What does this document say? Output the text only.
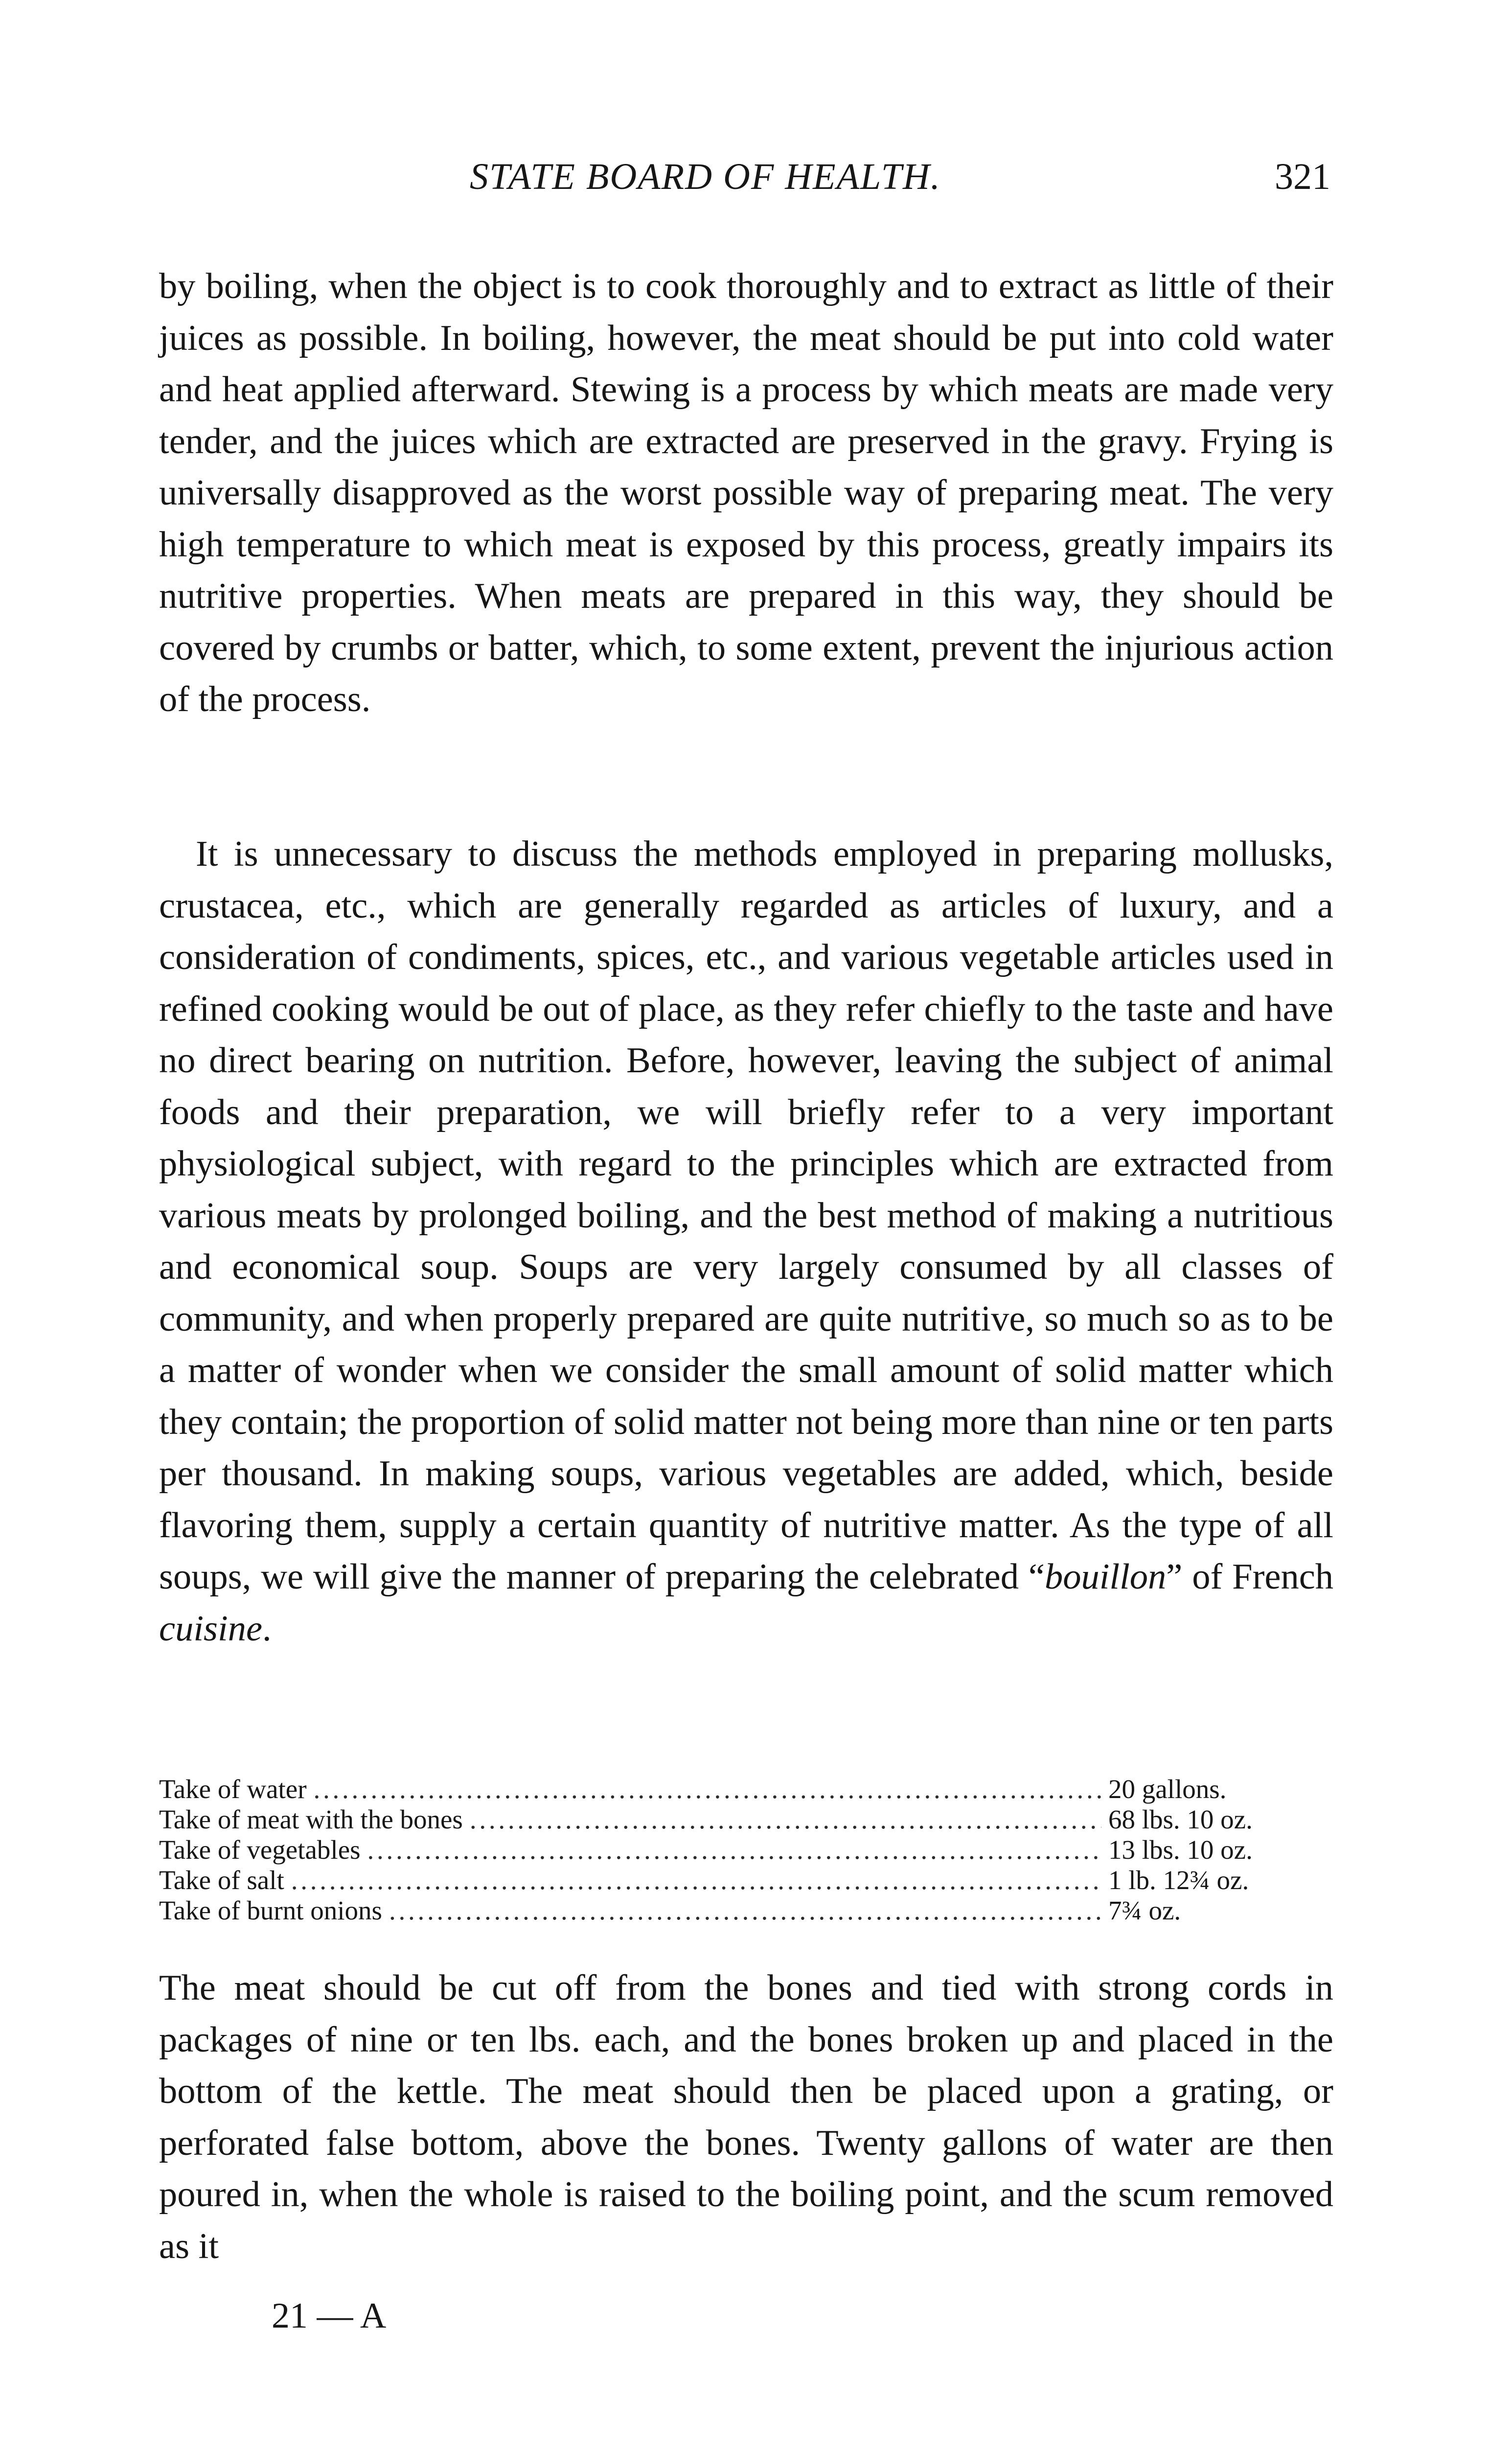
STATE BOARD OF HEALTH.	321

by boiling, when the object is to cook thoroughly and to extract as little of their juices as possible. In boiling, however, the meat should be put into cold water and heat applied afterward. Stewing is a process by which meats are made very tender, and the juices which are extracted are preserved in the gravy. Frying is universally disapproved as the worst possible way of preparing meat. The very high temperature to which meat is exposed by this process, greatly impairs its nutritive properties. When meats are prepared in this way, they should be covered by crumbs or batter, which, to some extent, prevent the injurious action of the process.

It is unnecessary to discuss the methods employed in preparing mollusks, crustacea, etc., which are generally regarded as articles of luxury, and a consideration of condiments, spices, etc., and various vegetable articles used in refined cooking would be out of place, as they refer chiefly to the taste and have no direct bearing on nutrition. Before, however, leaving the subject of animal foods and their preparation, we will briefly refer to a very important physiological subject, with regard to the principles which are extracted from various meats by prolonged boiling, and the best method of making a nutritious and economical soup. Soups are very largely consumed by all classes of community, and when properly prepared are quite nutritive, so much so as to be a matter of wonder when we consider the small amount of solid matter which they contain; the proportion of solid matter not being more than nine or ten parts per thousand. In making soups, various vegetables are added, which, beside flavoring them, supply a certain quantity of nutritive matter. As the type of all soups, we will give the manner of preparing the celebrated “bouillon” of French cuisine.

Take of water . . .	20 gallons.
Take of meat with the bones . . .	68 lbs. 10 oz.
Take of vegetables . . .	13 lbs. 10 oz.
Take of salt . . .	1 lb. 12¾ oz.
Take of burnt onions . . .	7¾ oz.

The meat should be cut off from the bones and tied with strong cords in packages of nine or ten lbs. each, and the bones broken up and placed in the bottom of the kettle. The meat should then be placed upon a grating, or perforated false bottom, above the bones. Twenty gallons of water are then poured in, when the whole is raised to the boiling point, and the scum removed as it

21 — A
